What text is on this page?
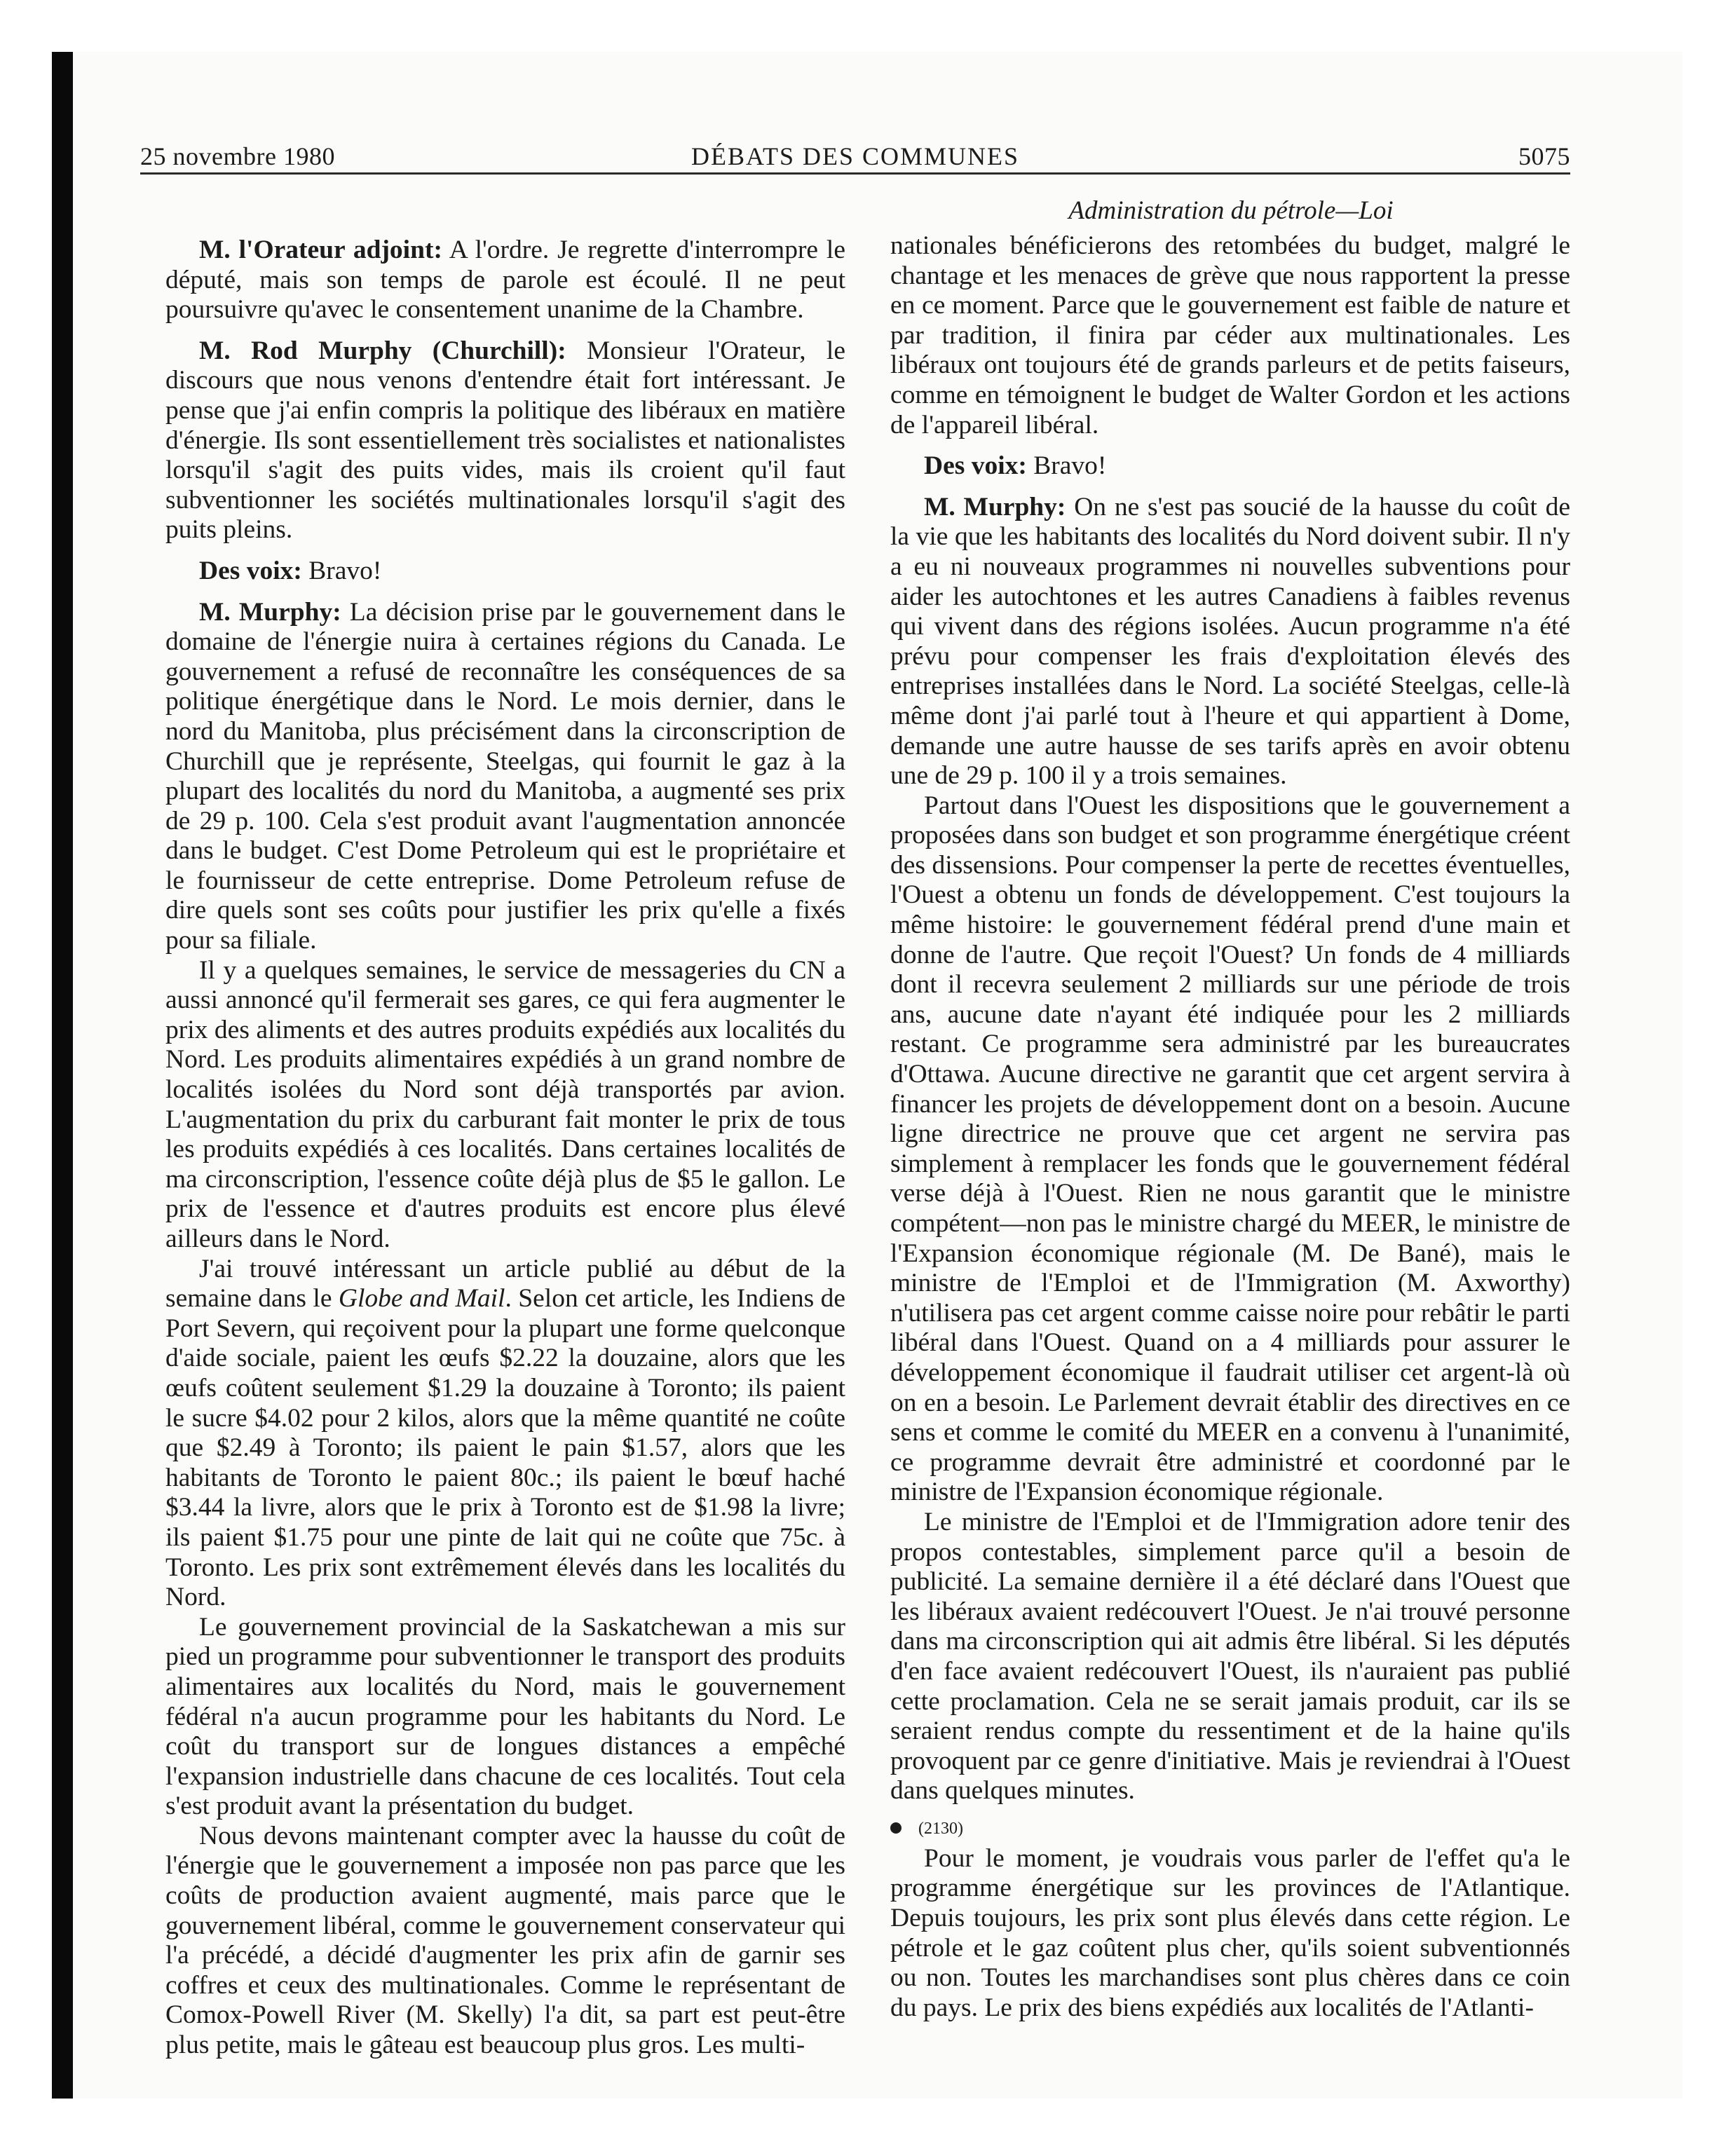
25 novembre 1980	DÉBATS DES COMMUNES	5075
Administration du pétrole—Loi

M. l'Orateur adjoint: A l'ordre. Je regrette d'interrompre le député, mais son temps de parole est écoulé. Il ne peut poursuivre qu'avec le consentement unanime de la Chambre.

M. Rod Murphy (Churchill): Monsieur l'Orateur, le discours que nous venons d'entendre était fort intéressant. Je pense que j'ai enfin compris la politique des libéraux en matière d'énergie. Ils sont essentiellement très socialistes et nationalistes lorsqu'il s'agit des puits vides, mais ils croient qu'il faut subventionner les sociétés multinationales lorsqu'il s'agit des puits pleins.

Des voix: Bravo!

M. Murphy: La décision prise par le gouvernement dans le domaine de l'énergie nuira à certaines régions du Canada. Le gouvernement a refusé de reconnaître les conséquences de sa politique énergétique dans le Nord. Le mois dernier, dans le nord du Manitoba, plus précisément dans la circonscription de Churchill que je représente, Steelgas, qui fournit le gaz à la plupart des localités du nord du Manitoba, a augmenté ses prix de 29 p. 100. Cela s'est produit avant l'augmentation annoncée dans le budget. C'est Dome Petroleum qui est le propriétaire et le fournisseur de cette entreprise. Dome Petroleum refuse de dire quels sont ses coûts pour justifier les prix qu'elle a fixés pour sa filiale.

Il y a quelques semaines, le service de messageries du CN a aussi annoncé qu'il fermerait ses gares, ce qui fera augmenter le prix des aliments et des autres produits expédiés aux localités du Nord. Les produits alimentaires expédiés à un grand nombre de localités isolées du Nord sont déjà transportés par avion. L'augmentation du prix du carburant fait monter le prix de tous les produits expédiés à ces localités. Dans certaines localités de ma circonscription, l'essence coûte déjà plus de $5 le gallon. Le prix de l'essence et d'autres produits est encore plus élevé ailleurs dans le Nord.

J'ai trouvé intéressant un article publié au début de la semaine dans le Globe and Mail. Selon cet article, les Indiens de Port Severn, qui reçoivent pour la plupart une forme quelconque d'aide sociale, paient les œufs $2.22 la douzaine, alors que les œufs coûtent seulement $1.29 la douzaine à Toronto; ils paient le sucre $4.02 pour 2 kilos, alors que la même quantité ne coûte que $2.49 à Toronto; ils paient le pain $1.57, alors que les habitants de Toronto le paient 80c.; ils paient le bœuf haché $3.44 la livre, alors que le prix à Toronto est de $1.98 la livre; ils paient $1.75 pour une pinte de lait qui ne coûte que 75c. à Toronto. Les prix sont extrêmement élevés dans les localités du Nord.

Le gouvernement provincial de la Saskatchewan a mis sur pied un programme pour subventionner le transport des produits alimentaires aux localités du Nord, mais le gouvernement fédéral n'a aucun programme pour les habitants du Nord. Le coût du transport sur de longues distances a empêché l'expansion industrielle dans chacune de ces localités. Tout cela s'est produit avant la présentation du budget.

Nous devons maintenant compter avec la hausse du coût de l'énergie que le gouvernement a imposée non pas parce que les coûts de production avaient augmenté, mais parce que le gouvernement libéral, comme le gouvernement conservateur qui l'a précédé, a décidé d'augmenter les prix afin de garnir ses coffres et ceux des multinationales. Comme le représentant de Comox-Powell River (M. Skelly) l'a dit, sa part est peut-être plus petite, mais le gâteau est beaucoup plus gros. Les multi-

nationales bénéficierons des retombées du budget, malgré le chantage et les menaces de grève que nous rapportent la presse en ce moment. Parce que le gouvernement est faible de nature et par tradition, il finira par céder aux multinationales. Les libéraux ont toujours été de grands parleurs et de petits faiseurs, comme en témoignent le budget de Walter Gordon et les actions de l'appareil libéral.

Des voix: Bravo!

M. Murphy: On ne s'est pas soucié de la hausse du coût de la vie que les habitants des localités du Nord doivent subir. Il n'y a eu ni nouveaux programmes ni nouvelles subventions pour aider les autochtones et les autres Canadiens à faibles revenus qui vivent dans des régions isolées. Aucun programme n'a été prévu pour compenser les frais d'exploitation élevés des entreprises installées dans le Nord. La société Steelgas, celle-là même dont j'ai parlé tout à l'heure et qui appartient à Dome, demande une autre hausse de ses tarifs après en avoir obtenu une de 29 p. 100 il y a trois semaines.

Partout dans l'Ouest les dispositions que le gouvernement a proposées dans son budget et son programme énergétique créent des dissensions. Pour compenser la perte de recettes éventuelles, l'Ouest a obtenu un fonds de développement. C'est toujours la même histoire: le gouvernement fédéral prend d'une main et donne de l'autre. Que reçoit l'Ouest? Un fonds de 4 milliards dont il recevra seulement 2 milliards sur une période de trois ans, aucune date n'ayant été indiquée pour les 2 milliards restant. Ce programme sera administré par les bureaucrates d'Ottawa. Aucune directive ne garantit que cet argent servira à financer les projets de développement dont on a besoin. Aucune ligne directrice ne prouve que cet argent ne servira pas simplement à remplacer les fonds que le gouvernement fédéral verse déjà à l'Ouest. Rien ne nous garantit que le ministre compétent—non pas le ministre chargé du MEER, le ministre de l'Expansion économique régionale (M. De Bané), mais le ministre de l'Emploi et de l'Immigration (M. Axworthy) n'utilisera pas cet argent comme caisse noire pour rebâtir le parti libéral dans l'Ouest. Quand on a 4 milliards pour assurer le développement économique il faudrait utiliser cet argent-là où on en a besoin. Le Parlement devrait établir des directives en ce sens et comme le comité du MEER en a convenu à l'unanimité, ce programme devrait être administré et coordonné par le ministre de l'Expansion économique régionale.

Le ministre de l'Emploi et de l'Immigration adore tenir des propos contestables, simplement parce qu'il a besoin de publicité. La semaine dernière il a été déclaré dans l'Ouest que les libéraux avaient redécouvert l'Ouest. Je n'ai trouvé personne dans ma circonscription qui ait admis être libéral. Si les députés d'en face avaient redécouvert l'Ouest, ils n'auraient pas publié cette proclamation. Cela ne se serait jamais produit, car ils se seraient rendus compte du ressentiment et de la haine qu'ils provoquent par ce genre d'initiative. Mais je reviendrai à l'Ouest dans quelques minutes.

(2130)

Pour le moment, je voudrais vous parler de l'effet qu'a le programme énergétique sur les provinces de l'Atlantique. Depuis toujours, les prix sont plus élevés dans cette région. Le pétrole et le gaz coûtent plus cher, qu'ils soient subventionnés ou non. Toutes les marchandises sont plus chères dans ce coin du pays. Le prix des biens expédiés aux localités de l'Atlanti-
